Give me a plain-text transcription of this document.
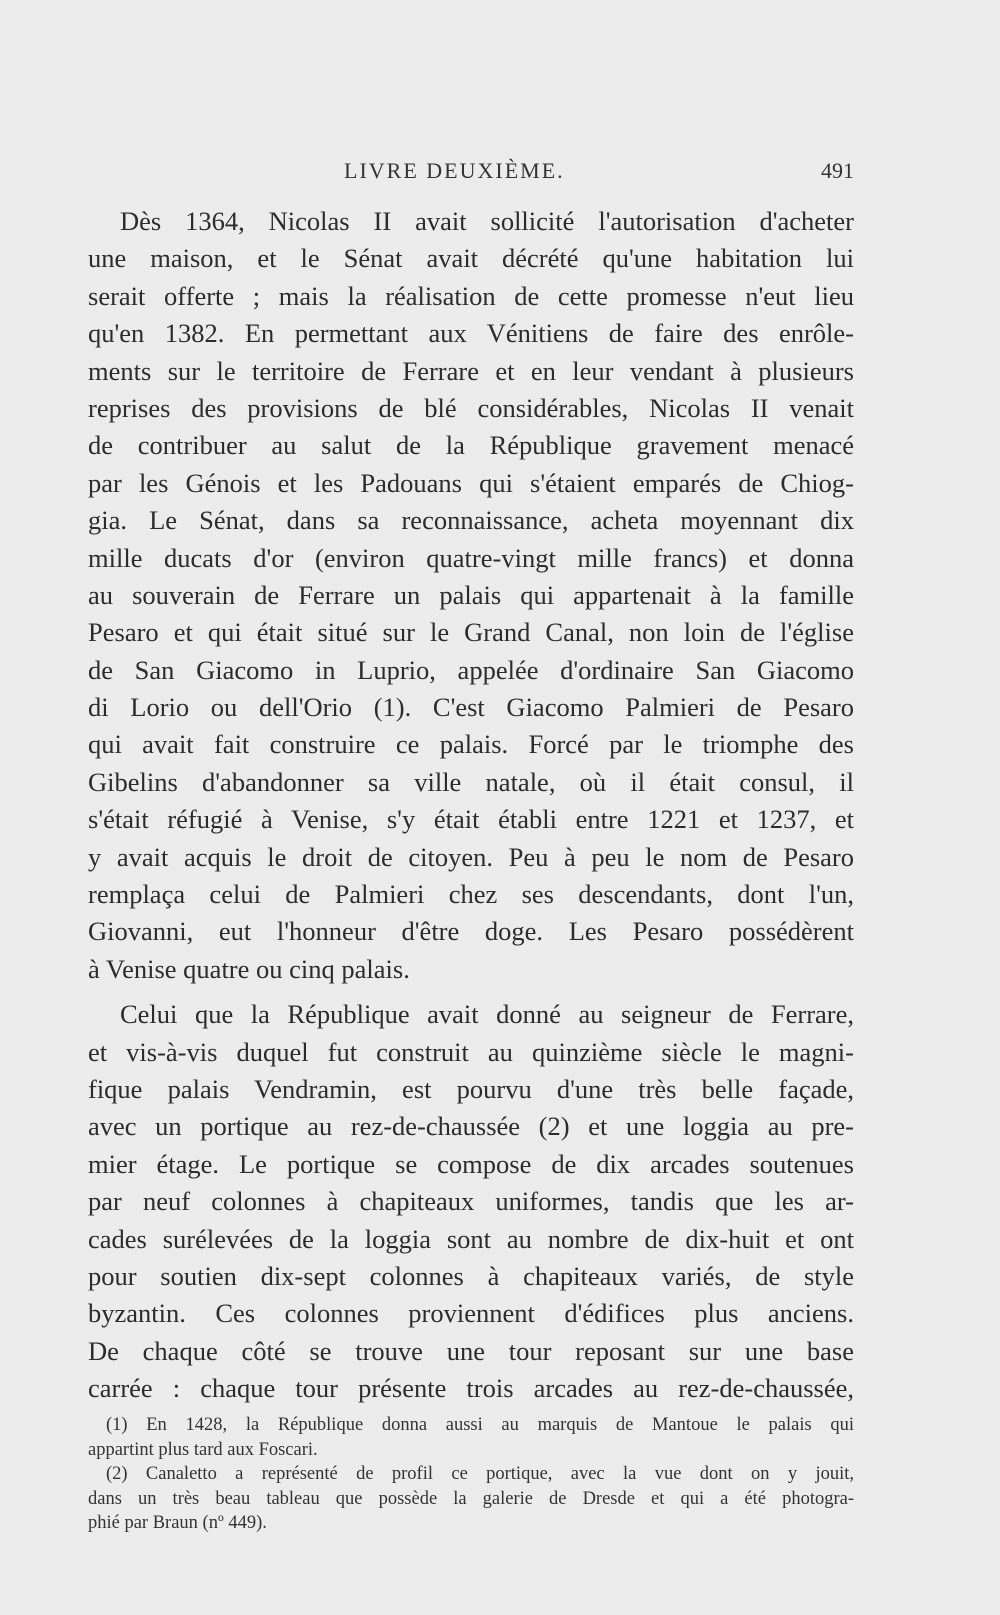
LIVRE DEUXIÈME.	491
Dès 1364, Nicolas II avait sollicité l'autorisation d'acheter
une maison, et le Sénat avait décrété qu'une habitation lui
serait offerte ; mais la réalisation de cette promesse n'eut lieu
qu'en 1382. En permettant aux Vénitiens de faire des enrôle-
ments sur le territoire de Ferrare et en leur vendant à plusieurs
reprises des provisions de blé considérables, Nicolas II venait
de contribuer au salut de la République gravement menacé
par les Génois et les Padouans qui s'étaient emparés de Chiog-
gia. Le Sénat, dans sa reconnaissance, acheta moyennant dix
mille ducats d'or (environ quatre-vingt mille francs) et donna
au souverain de Ferrare un palais qui appartenait à la famille
Pesaro et qui était situé sur le Grand Canal, non loin de l'église
de San Giacomo in Luprio, appelée d'ordinaire San Giacomo
di Lorio ou dell'Orio (1). C'est Giacomo Palmieri de Pesaro
qui avait fait construire ce palais. Forcé par le triomphe des
Gibelins d'abandonner sa ville natale, où il était consul, il
s'était réfugié à Venise, s'y était établi entre 1221 et 1237, et
y avait acquis le droit de citoyen. Peu à peu le nom de Pesaro
remplaça celui de Palmieri chez ses descendants, dont l'un,
Giovanni, eut l'honneur d'être doge. Les Pesaro possédèrent
à Venise quatre ou cinq palais.
Celui que la République avait donné au seigneur de Ferrare,
et vis-à-vis duquel fut construit au quinzième siècle le magni-
fique palais Vendramin, est pourvu d'une très belle façade,
avec un portique au rez-de-chaussée (2) et une loggia au pre-
mier étage. Le portique se compose de dix arcades soutenues
par neuf colonnes à chapiteaux uniformes, tandis que les ar-
cades surélevées de la loggia sont au nombre de dix-huit et ont
pour soutien dix-sept colonnes à chapiteaux variés, de style
byzantin. Ces colonnes proviennent d'édifices plus anciens.
De chaque côté se trouve une tour reposant sur une base
carrée : chaque tour présente trois arcades au rez-de-chaussée,
(1) En 1428, la République donna aussi au marquis de Mantoue le palais qui
appartint plus tard aux Foscari.
(2) Canaletto a représenté de profil ce portique, avec la vue dont on y jouit,
dans un très beau tableau que possède la galerie de Dresde et qui a été photogra-
phié par Braun (nº 449).
